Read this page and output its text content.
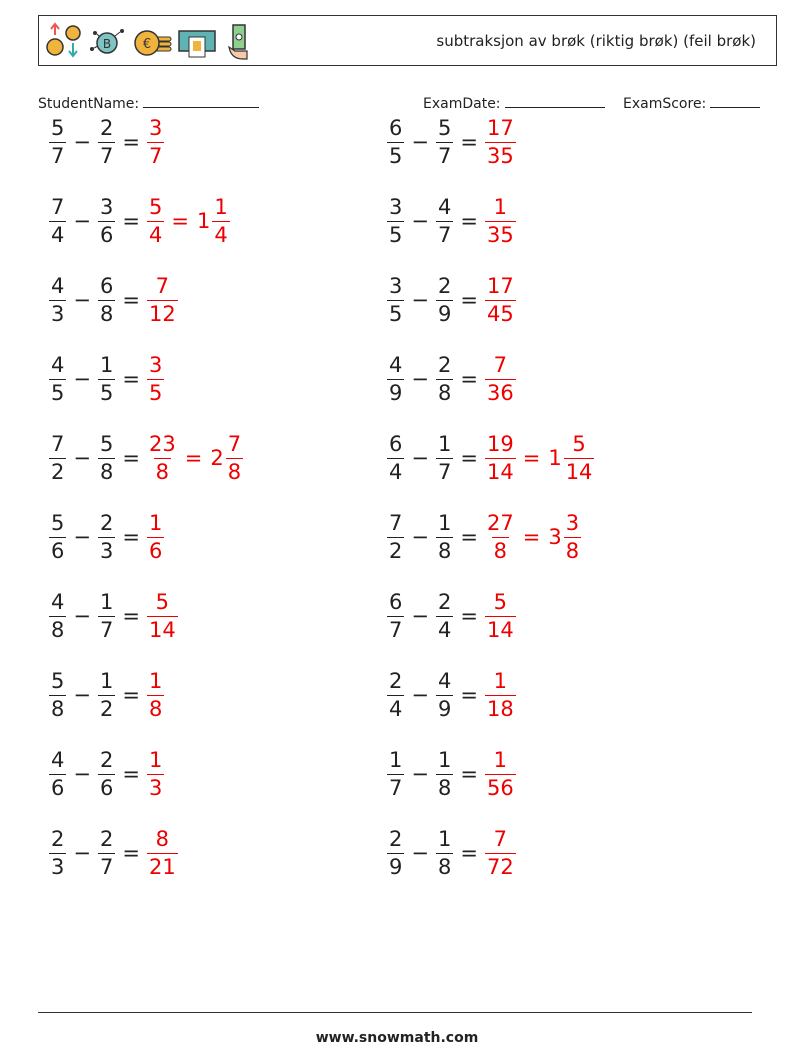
B €	subtraksjon av brøk (riktig brøk) (feil brøk)
StudentName:	ExamDate:	ExamScore:
$\frac{5}{7} - \frac{2}{7} = \frac{3}{7}$
$\frac{7}{4} - \frac{3}{6} = \frac{5}{4} = 1 \frac{1}{4}$
$\frac{4}{3} - \frac{6}{8} = \frac{7}{12}$
$\frac{4}{5} - \frac{1}{5} = \frac{3}{5}$
$\frac{7}{2} - \frac{5}{8} = \frac{23}{8} = 2 \frac{7}{8}$
$\frac{5}{6} - \frac{2}{3} = \frac{1}{6}$
$\frac{4}{8} - \frac{1}{7} = \frac{5}{14}$
$\frac{5}{8} - \frac{1}{2} = \frac{1}{8}$
$\frac{4}{6} - \frac{2}{6} = \frac{1}{3}$
$\frac{2}{3} - \frac{2}{7} = \frac{8}{21}$
$\frac{6}{5} - \frac{5}{7} = \frac{17}{35}$
$\frac{3}{5} - \frac{4}{7} = \frac{1}{35}$
$\frac{3}{5} - \frac{2}{9} = \frac{17}{45}$
$\frac{4}{9} - \frac{2}{8} = \frac{7}{36}$
$\frac{6}{4} - \frac{1}{7} = \frac{19}{14} = 1 \frac{5}{14}$
$\frac{7}{2} - \frac{1}{8} = \frac{27}{8} = 3 \frac{3}{8}$
$\frac{6}{7} - \frac{2}{4} = \frac{5}{14}$
$\frac{2}{4} - \frac{4}{9} = \frac{1}{18}$
$\frac{1}{7} - \frac{1}{8} = \frac{1}{56}$
$\frac{2}{9} - \frac{1}{8} = \frac{7}{72}$
www.snowmath.com
